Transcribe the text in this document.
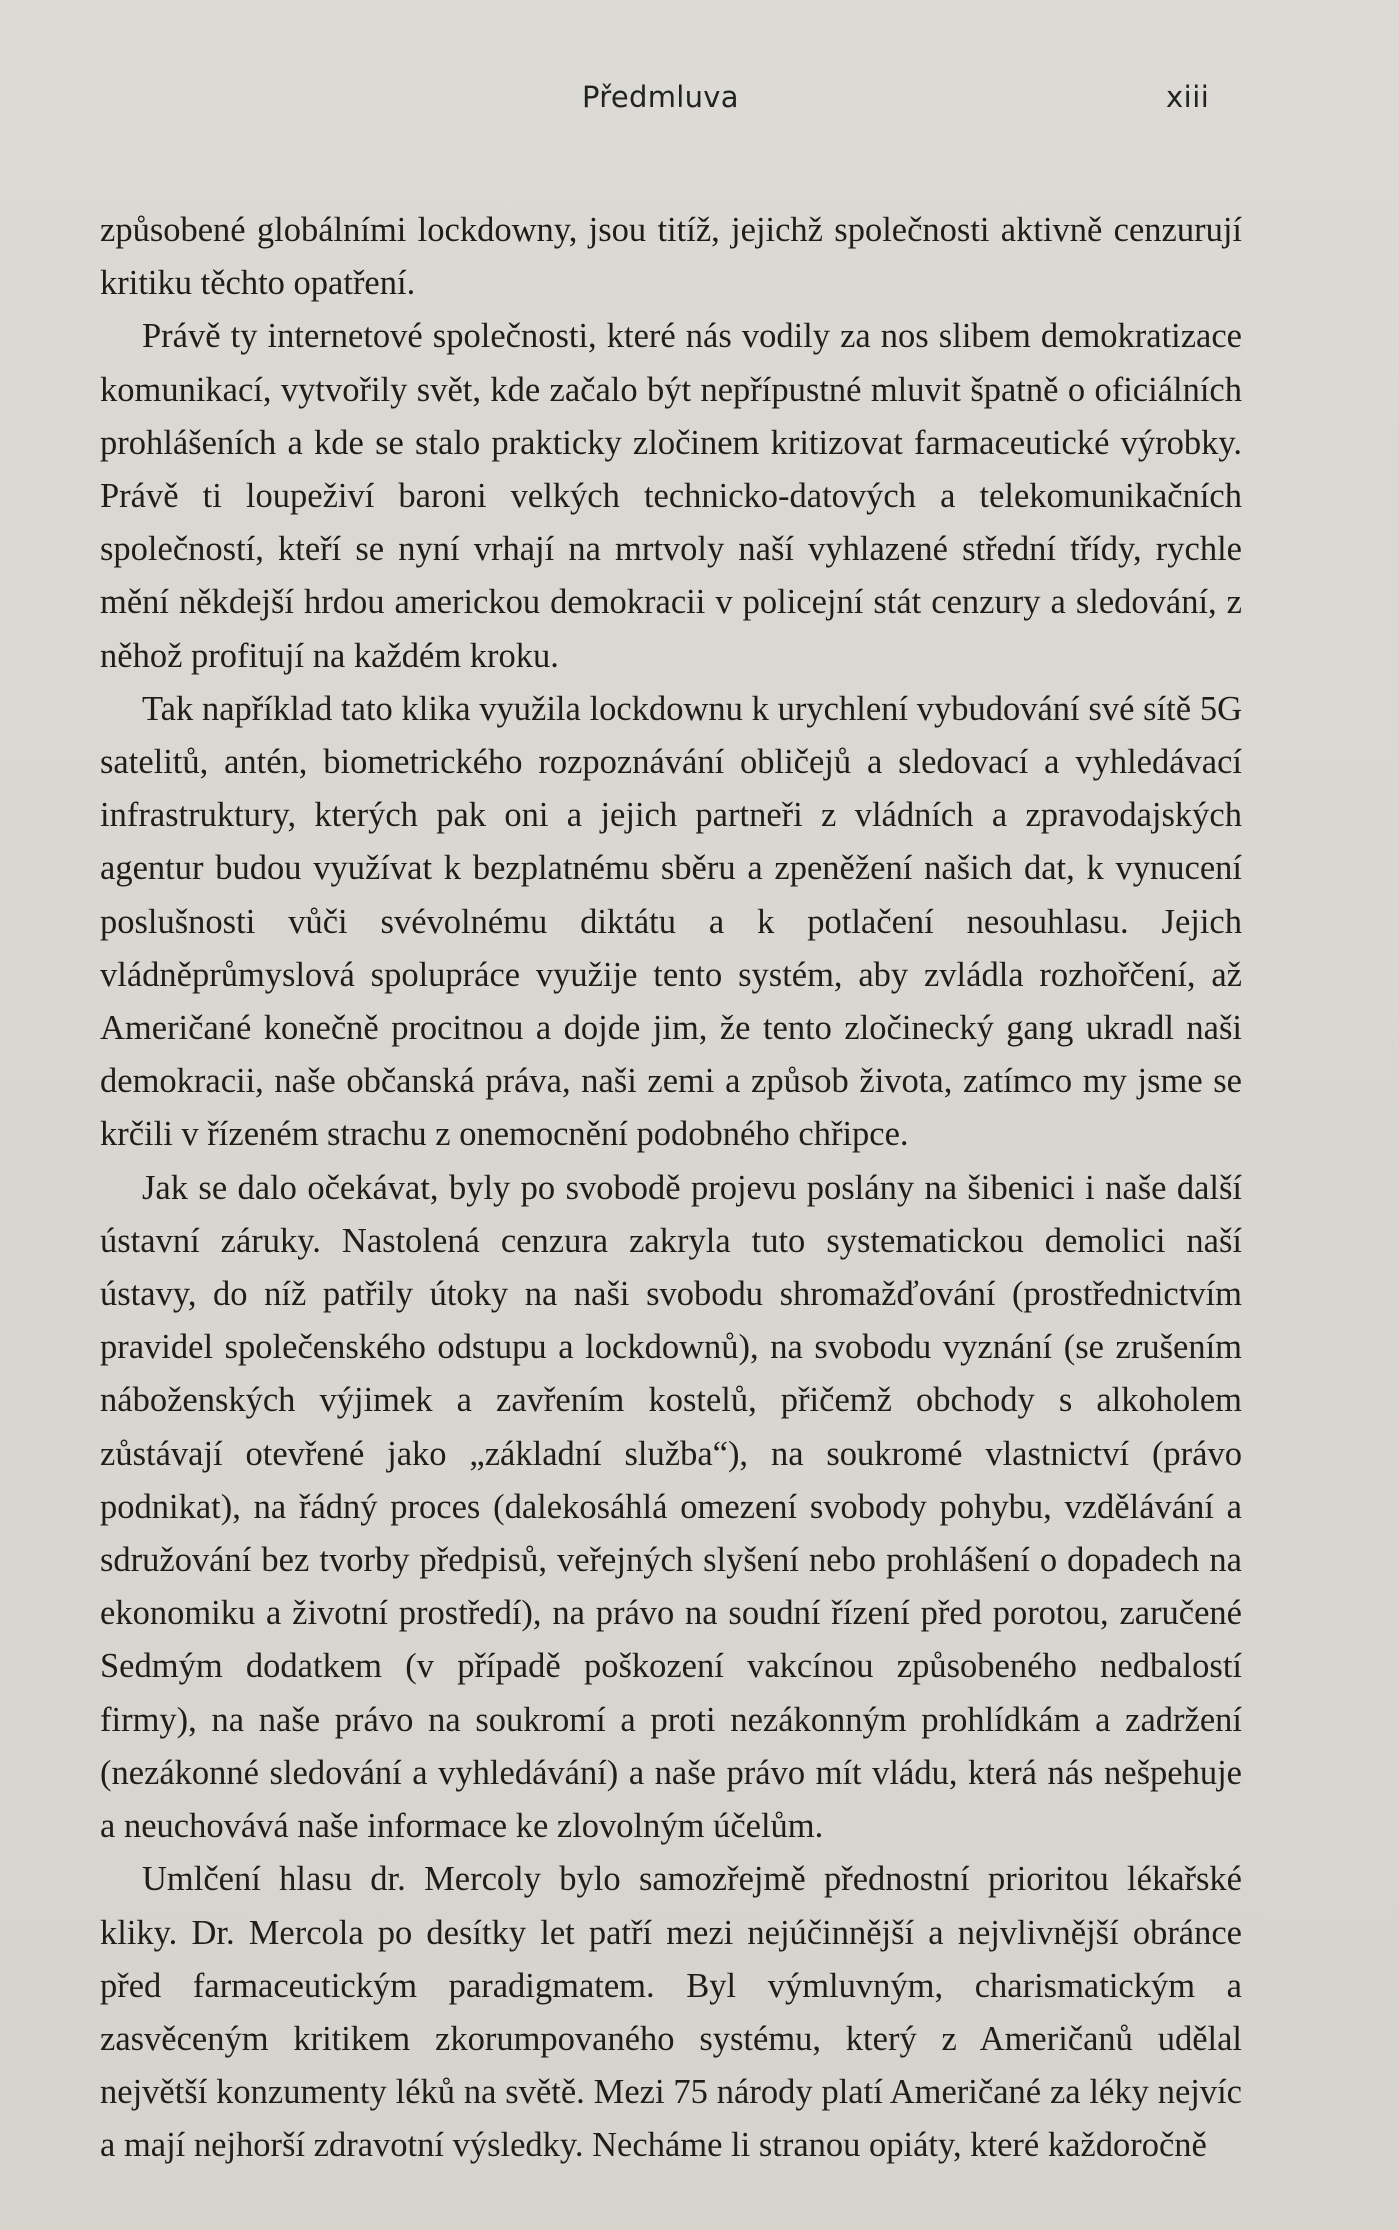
Předmluva	xiii

způsobené globálními lockdowny, jsou titíž, jejichž společnosti aktivně cenzurují kritiku těchto opatření.

Právě ty internetové společnosti, které nás vodily za nos slibem demokratizace komunikací, vytvořily svět, kde začalo být nepřípustné mluvit špatně o oficiálních prohlášeních a kde se stalo prakticky zločinem kritizovat farmaceutické výrobky. Právě ti loupeživí baroni velkých technicko-datových a telekomunikačních společností, kteří se nyní vrhají na mrtvoly naší vyhlazené střední třídy, rychle mění někdejší hrdou americkou demokracii v policejní stát cenzury a sledování, z něhož profitují na každém kroku.

Tak například tato klika využila lockdownu k urychlení vybudování své sítě 5G satelitů, antén, biometrického rozpoznávání obličejů a sledovací a vyhledávací infrastruktury, kterých pak oni a jejich partneři z vládních a zpravodajských agentur budou využívat k bezplatnému sběru a zpeněžení našich dat, k vynucení poslušnosti vůči svévolnému diktátu a k potlačení nesouhlasu. Jejich vládněprůmyslová spolupráce využije tento systém, aby zvládla rozhořčení, až Američané konečně procitnou a dojde jim, že tento zločinecký gang ukradl naši demokracii, naše občanská práva, naši zemi a způsob života, zatímco my jsme se krčili v řízeném strachu z onemocnění podobného chřipce.

Jak se dalo očekávat, byly po svobodě projevu poslány na šibenici i naše další ústavní záruky. Nastolená cenzura zakryla tuto systematickou demolici naší ústavy, do níž patřily útoky na naši svobodu shromažďování (prostřednictvím pravidel společenského odstupu a lockdownů), na svobodu vyznání (se zrušením náboženských výjimek a zavřením kostelů, přičemž obchody s alkoholem zůstávají otevřené jako „základní služba“), na soukromé vlastnictví (právo podnikat), na řádný proces (dalekosáhlá omezení svobody pohybu, vzdělávání a sdružování bez tvorby předpisů, veřejných slyšení nebo prohlášení o dopadech na ekonomiku a životní prostředí), na právo na soudní řízení před porotou, zaručené Sedmým dodatkem (v případě poškození vakcínou způsobeného nedbalostí firmy), na naše právo na soukromí a proti nezákonným prohlídkám a zadržení (nezákonné sledování a vyhledávání) a naše právo mít vládu, která nás nešpehuje a neuchovává naše informace ke zlovolným účelům.

Umlčení hlasu dr. Mercoly bylo samozřejmě přednostní prioritou lékařské kliky. Dr. Mercola po desítky let patří mezi nejúčinnější a nejvlivnější obránce před farmaceutickým paradigmatem. Byl výmluvným, charismatickým a zasvěceným kritikem zkorumpovaného systému, který z Američanů udělal největší konzumenty léků na světě. Mezi 75 národy platí Američané za léky nejvíc a mají nejhorší zdravotní výsledky. Necháme li stranou opiáty, které každoročně
